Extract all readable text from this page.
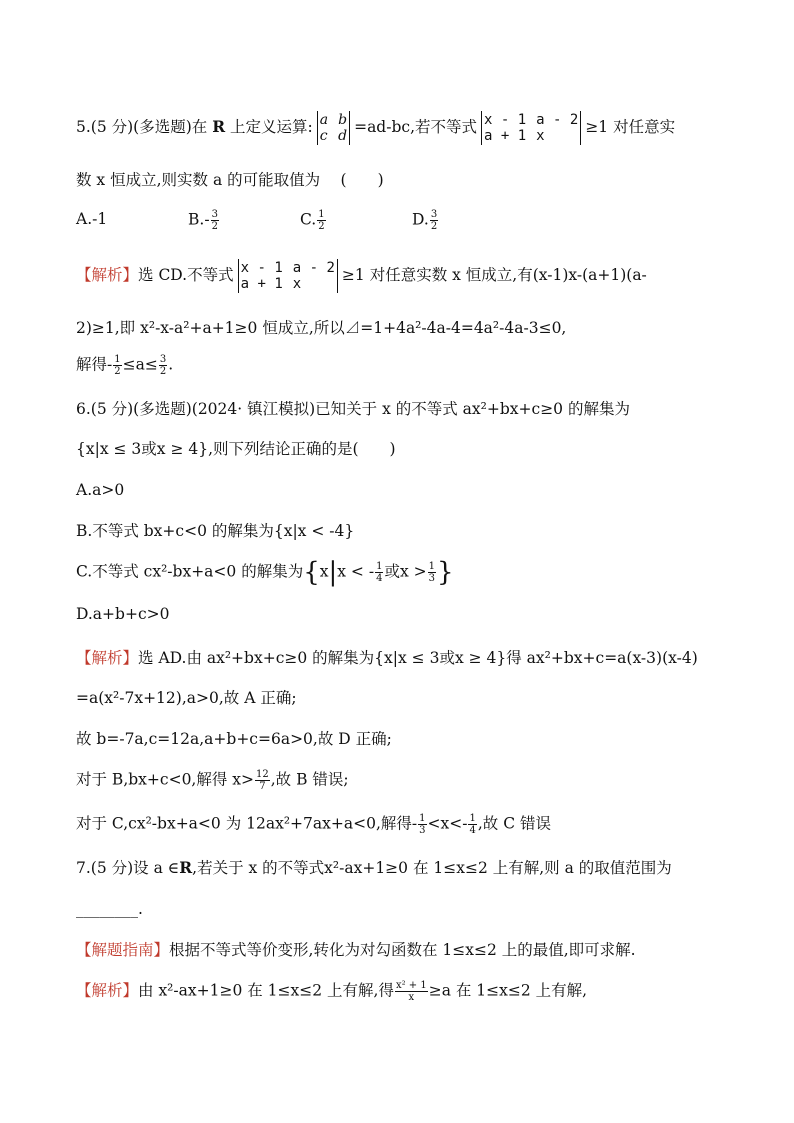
5.(5 分)(多选题)在 R 上定义运算: a b
c d =ad-bc,若不等式 x - 1 a - 2
a + 1 x	≥1 对任意实
数 x 恒成立,则实数 a 的可能取值为　 (　　)
A.-1	$B.- \frac{3}{2}$	C. $\frac{1}{2}$	D. $\frac{3}{2}$
【解析】选 CD.不等式 x - 1 a - 2
a + 1 x	≥1 对任意实数 x 恒成立,有(x-1)x-(a+1)(a-
2)≥1,即 x²-x-a²+a+1≥0 恒成立,所以⊿=1+4a²-4a-4=4a²-4a-3≤0,
解得- $\frac{1}{2} \le a\le \frac{3}{2}$ .
6.(5 分)(多选题)(2024· 镇江模拟)已知关于 x 的不等式 ax²+bx+c≥0 的解集为
{x|x ≤ 3或x ≥ 4},则下列结论正确的是(　　)
A.a>0
B.不等式 bx+c<0 的解集为{x|x < -4}
C.不等式 cx²-bx+a<0 的解集为{x|x < - $\frac{1}{4}$ 或$x > \frac{1}{3}$ }
D.a+b+c>0
【解析】选 AD.由 ax²+bx+c≥0 的解集为{x|x ≤ 3或x ≥ 4}得 ax²+bx+c=a(x-3)(x-4)
=a(x²-7x+12),a>0,故 A 正确;
故 b=-7a,c=12a,a+b+c=6a>0,故 D 正确;
对于 B,bx+c<0,解得 $x> \frac{12}{7}$ ,故 B 错误;
对于 C,cx²-bx+a<0 为 12ax²+7ax+a<0,解得- $\frac{1}{3} <x<- \frac{1}{4}$ ,故 C 错误
7.(5 分)设 a ∈R,若关于 x 的不等式x²-ax+1≥0 在 1≤x≤2 上有解,则 a 的取值范围为
________.
【解题指南】根据不等式等价变形,转化为对勾函数在 1≤x≤2 上的最值,即可求解.
【解析】由 x²-ax+1≥0 在 1≤x≤2 上有解,得 $\frac{\text{x² + 1}}{x} \ge a$ 在 1≤x≤2 上有解,
